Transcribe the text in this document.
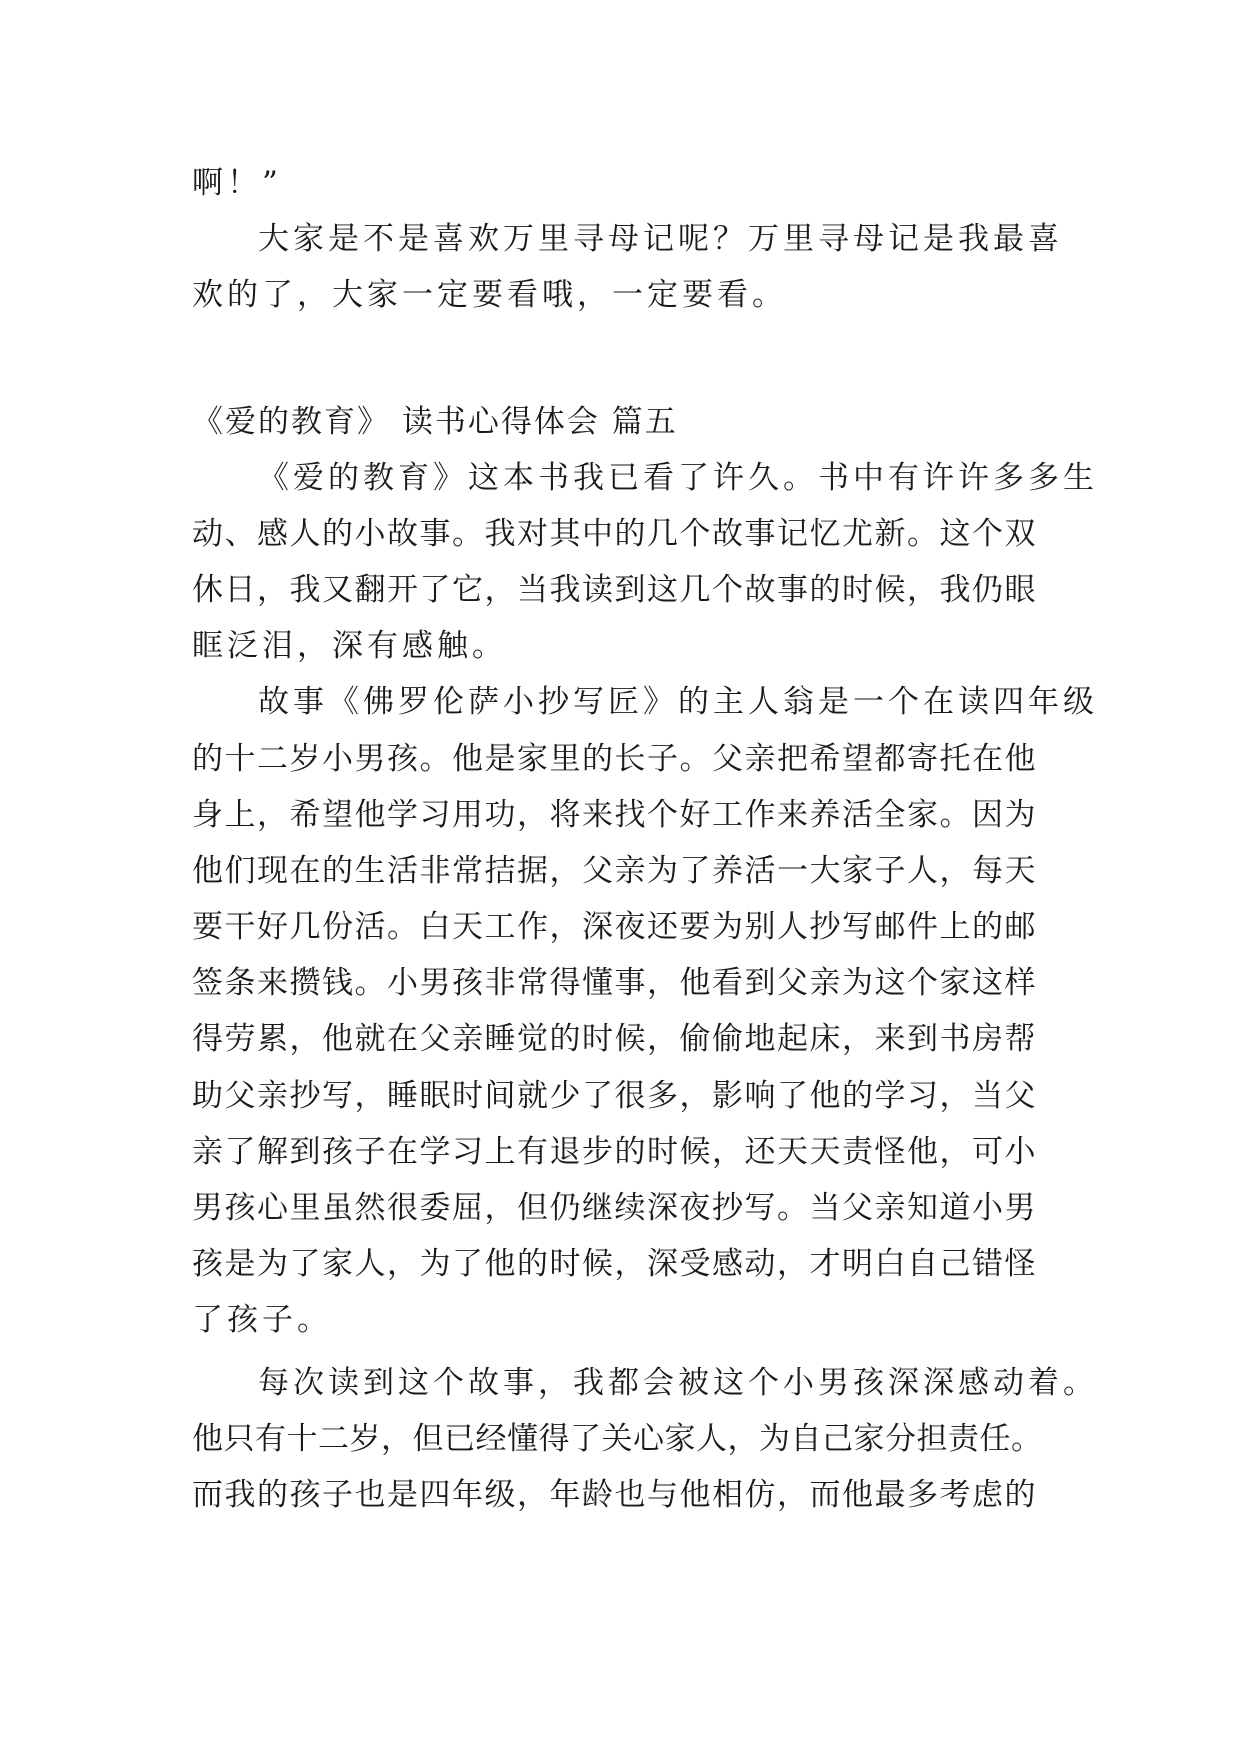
啊！”
大家是不是喜欢万里寻母记呢？万里寻母记是我最喜
欢的了，大家一定要看哦，一定要看。
《爱的教育》 读书心得体会 篇五
《爱的教育》这本书我已看了许久。书中有许许多多生
动、感人的小故事。我对其中的几个故事记忆尤新。这个双
休日，我又翻开了它，当我读到这几个故事的时候，我仍眼
眶泛泪，深有感触。
故事《佛罗伦萨小抄写匠》的主人翁是一个在读四年级
的十二岁小男孩。他是家里的长子。父亲把希望都寄托在他
身上，希望他学习用功，将来找个好工作来养活全家。因为
他们现在的生活非常拮据，父亲为了养活一大家子人，每天
要干好几份活。白天工作，深夜还要为别人抄写邮件上的邮
签条来攒钱。小男孩非常得懂事，他看到父亲为这个家这样
得劳累，他就在父亲睡觉的时候，偷偷地起床，来到书房帮
助父亲抄写，睡眠时间就少了很多，影响了他的学习，当父
亲了解到孩子在学习上有退步的时候，还天天责怪他，可小
男孩心里虽然很委屈，但仍继续深夜抄写。当父亲知道小男
孩是为了家人，为了他的时候，深受感动，才明白自己错怪
了孩子。
每次读到这个故事，我都会被这个小男孩深深感动着。
他只有十二岁，但已经懂得了关心家人，为自己家分担责任。
而我的孩子也是四年级，年龄也与他相仿，而他最多考虑的
